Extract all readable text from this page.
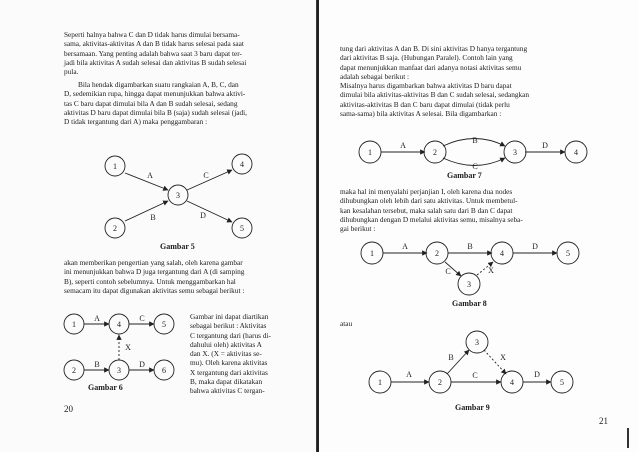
Seperti halnya bahwa C dan D tidak harus dimulai bersama-
sama, aktivitas-aktivitas A dan B tidak harus selesai pada saat
bersamaan. Yang penting adalah bahwa saat 3 baru dapat ter-
jadi bila aktivitas A sudah selesai dan aktivitas B sudah selesai
pula.
Bila hendak digambarkan suatu rangkaian A, B, C, dan
D, sedemikian rupa, hingga dapat menunjukkan bahwa aktivi-
tas C baru dapat dimulai bila A dan B sudah selesai, sedang
aktivitas D baru dapat dimulai bila B (saja) sudah selesai (jadi,
D tidak tergantung dari A) maka penggambaran :
1
2
3
4
5
A
B
C
D
Gambar 5
akan memberikan pengertian yang salah, oleh karena gambar
ini menunjukkan bahwa D juga tergantung dari A (di samping
B), seperti contoh sebelumnya. Untuk menggambarkan hal
semacam itu dapat digunakan aktivitas semu sebagai berikut :
1
2	3
4	5
6
A
B
C
D
X
Gambar 6
Gambar ini dapat diartikan
sebagai berikut : Aktivitas
C tergantung dari (harus di-
dahului oleh) aktivitas A
dan X. (X = aktivitas se-
mu). Oleh karena aktivitas
X tergantung dari aktivitas
B, maka dapat dikatakan
bahwa aktivitas C tergan-
20
tung dari aktivitas A dan B. Di sini aktivitas D hanya tergantung
dari aktivitas B saja. (Hubungan Paralel). Contoh lain yang
dapat menunjukkan manfaat dari adanya notasi aktivitas semu
adalah sebagai berikut :
Misalnya harus digambarkan bahwa aktivitas D baru dapat
dimulai bila aktivitas-aktivitas B dan C sudah selesai, sedangkan
aktivitas-aktivitas B dan C baru dapat dimulai (tidak perlu
sama-sama) bila aktivitas A selesai. Bila digambarkan :
1	2	3	4
A
B
C
D
Gambar 7
maka hal ini menyalahi perjanjian I, oleh karena dua nodes
dihubungkan oleh lebih dari satu aktivitas. Untuk membetul-
kan kesalahan tersebut, maka salah satu dari B dan C dapat
dihubungkan dengan D melalui aktivitas semu, misalnya seba-
gai berikut :
1	2
3
4	5
A	B
C
D
X
Gambar 8
atau
1	2
3
4	5
A
B
C	D
X
Gambar 9
21
